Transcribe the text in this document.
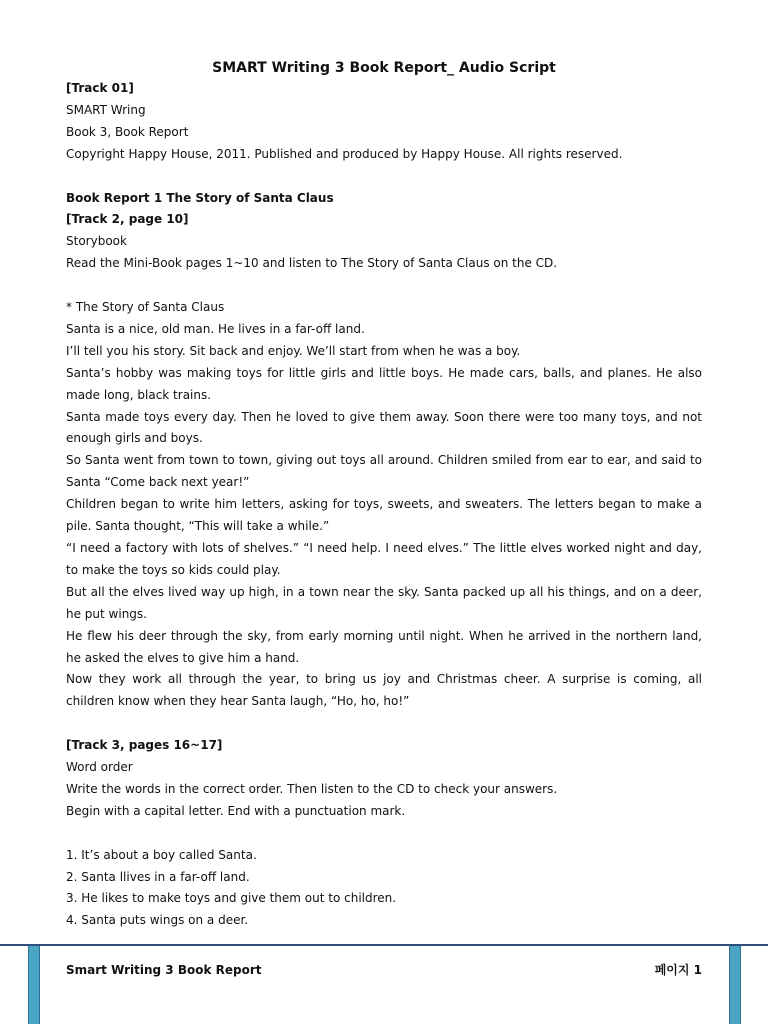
SMART Writing 3 Book Report_ Audio Script

[Track 01]

SMART Wring

Book 3, Book Report

Copyright Happy House, 2011. Published and produced by Happy House. All rights reserved.

Book Report 1 The Story of Santa Claus

[Track 2, page 10]

Storybook

Read the Mini-Book pages 1~10 and listen to The Story of Santa Claus on the CD.

* The Story of Santa Claus

Santa is a nice, old man. He lives in a far-off land.

I’ll tell you his story. Sit back and enjoy. We’ll start from when he was a boy.

Santa’s hobby was making toys for little girls and little boys. He made cars, balls, and planes. He also made long, black trains.

Santa made toys every day. Then he loved to give them away. Soon there were too many toys, and not enough girls and boys.

So Santa went from town to town, giving out toys all around. Children smiled from ear to ear, and said to Santa “Come back next year!”

Children began to write him letters, asking for toys, sweets, and sweaters. The letters began to make a pile. Santa thought, “This will take a while.”

“I need a factory with lots of shelves.” “I need help. I need elves.” The little elves worked night and day, to make the toys so kids could play.

But all the elves lived way up high, in a town near the sky. Santa packed up all his things, and on a deer, he put wings.

He flew his deer through the sky, from early morning until night. When he arrived in the northern land, he asked the elves to give him a hand.

Now they work all through the year, to bring us joy and Christmas cheer. A surprise is coming, all children know when they hear Santa laugh, “Ho, ho, ho!”

[Track 3, pages 16~17]

Word order

Write the words in the correct order. Then listen to the CD to check your answers.

Begin with a capital letter. End with a punctuation mark.

1. It’s about a boy called Santa.

2. Santa llives in a far-off land.

3. He likes to make toys and give them out to children.

4. Santa puts wings on a deer.

Smart Writing 3 Book Report	페이지 1
